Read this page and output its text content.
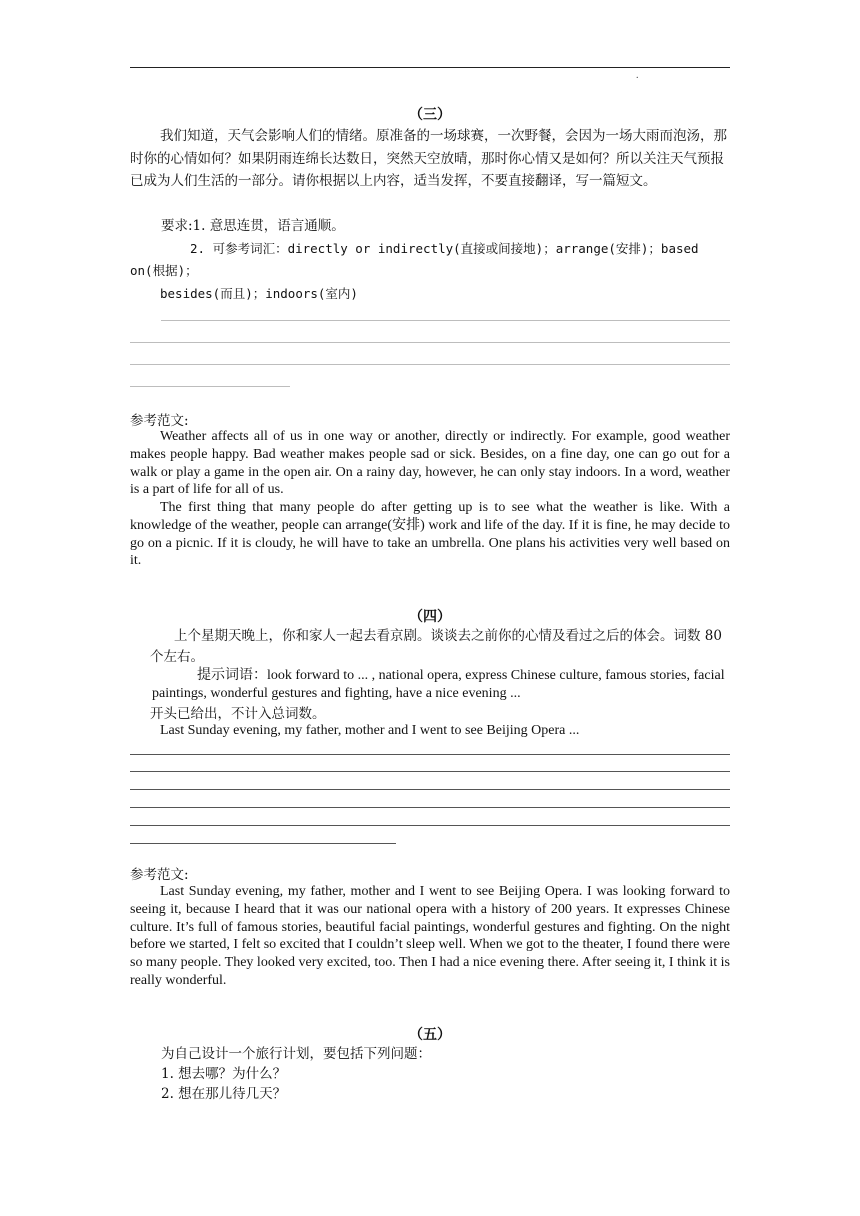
.
（三）
我们知道，天气会影响人们的情绪。原准备的一场球赛，一次野餐，会因为一场大雨而泡汤，那时你的心情如何？如果阴雨连绵长达数日，突然天空放晴，那时你心情又是如何？所以关注天气预报已成为人们生活的一部分。请你根据以上内容，适当发挥，不要直接翻译，写一篇短文。
要求:1. 意思连贯，语言通顺。
2. 可参考词汇：directly or indirectly(直接或间接地)；arrange(安排)；based on(根据)；
besides(而且)；indoors(室内)
参考范文:
Weather affects all of us in one way or another, directly or indirectly. For example, good weather makes people happy. Bad weather makes people sad or sick. Besides, on a fine day, one can go out for a walk or play a game in the open air. On a rainy day, however, he can only stay indoors. In a word, weather is a part of life for all of us.
The first thing that many people do after getting up is to see what the weather is like. With a knowledge of the weather, people can arrange(安排) work and life of the day. If it is fine, he may decide to go on a picnic. If it is cloudy, he will have to take an umbrella. One plans his activities very well based on it.
（四）
上个星期天晚上，你和家人一起去看京剧。谈谈去之前你的心情及看过之后的体会。词数 80 个左右。
提示词语：look forward to ... , national opera, express Chinese culture, famous stories, facial paintings, wonderful gestures and fighting, have a nice evening ...
开头已给出，不计入总词数。
Last Sunday evening, my father, mother and I went to see Beijing Opera ...
参考范文:
Last Sunday evening, my father, mother and I went to see Beijing Opera. I was looking forward to seeing it, because I heard that it was our national opera with a history of 200 years. It expresses Chinese culture. It’s full of famous stories, beautiful facial paintings, wonderful gestures and fighting. On the night before we started, I felt so excited that I couldn’t sleep well. When we got to the theater, I found there were so many people. They looked very excited, too. Then I had a nice evening there. After seeing it, I think it is really wonderful.
（五）
为自己设计一个旅行计划，要包括下列问题：
1. 想去哪？为什么？
2. 想在那儿待几天？
